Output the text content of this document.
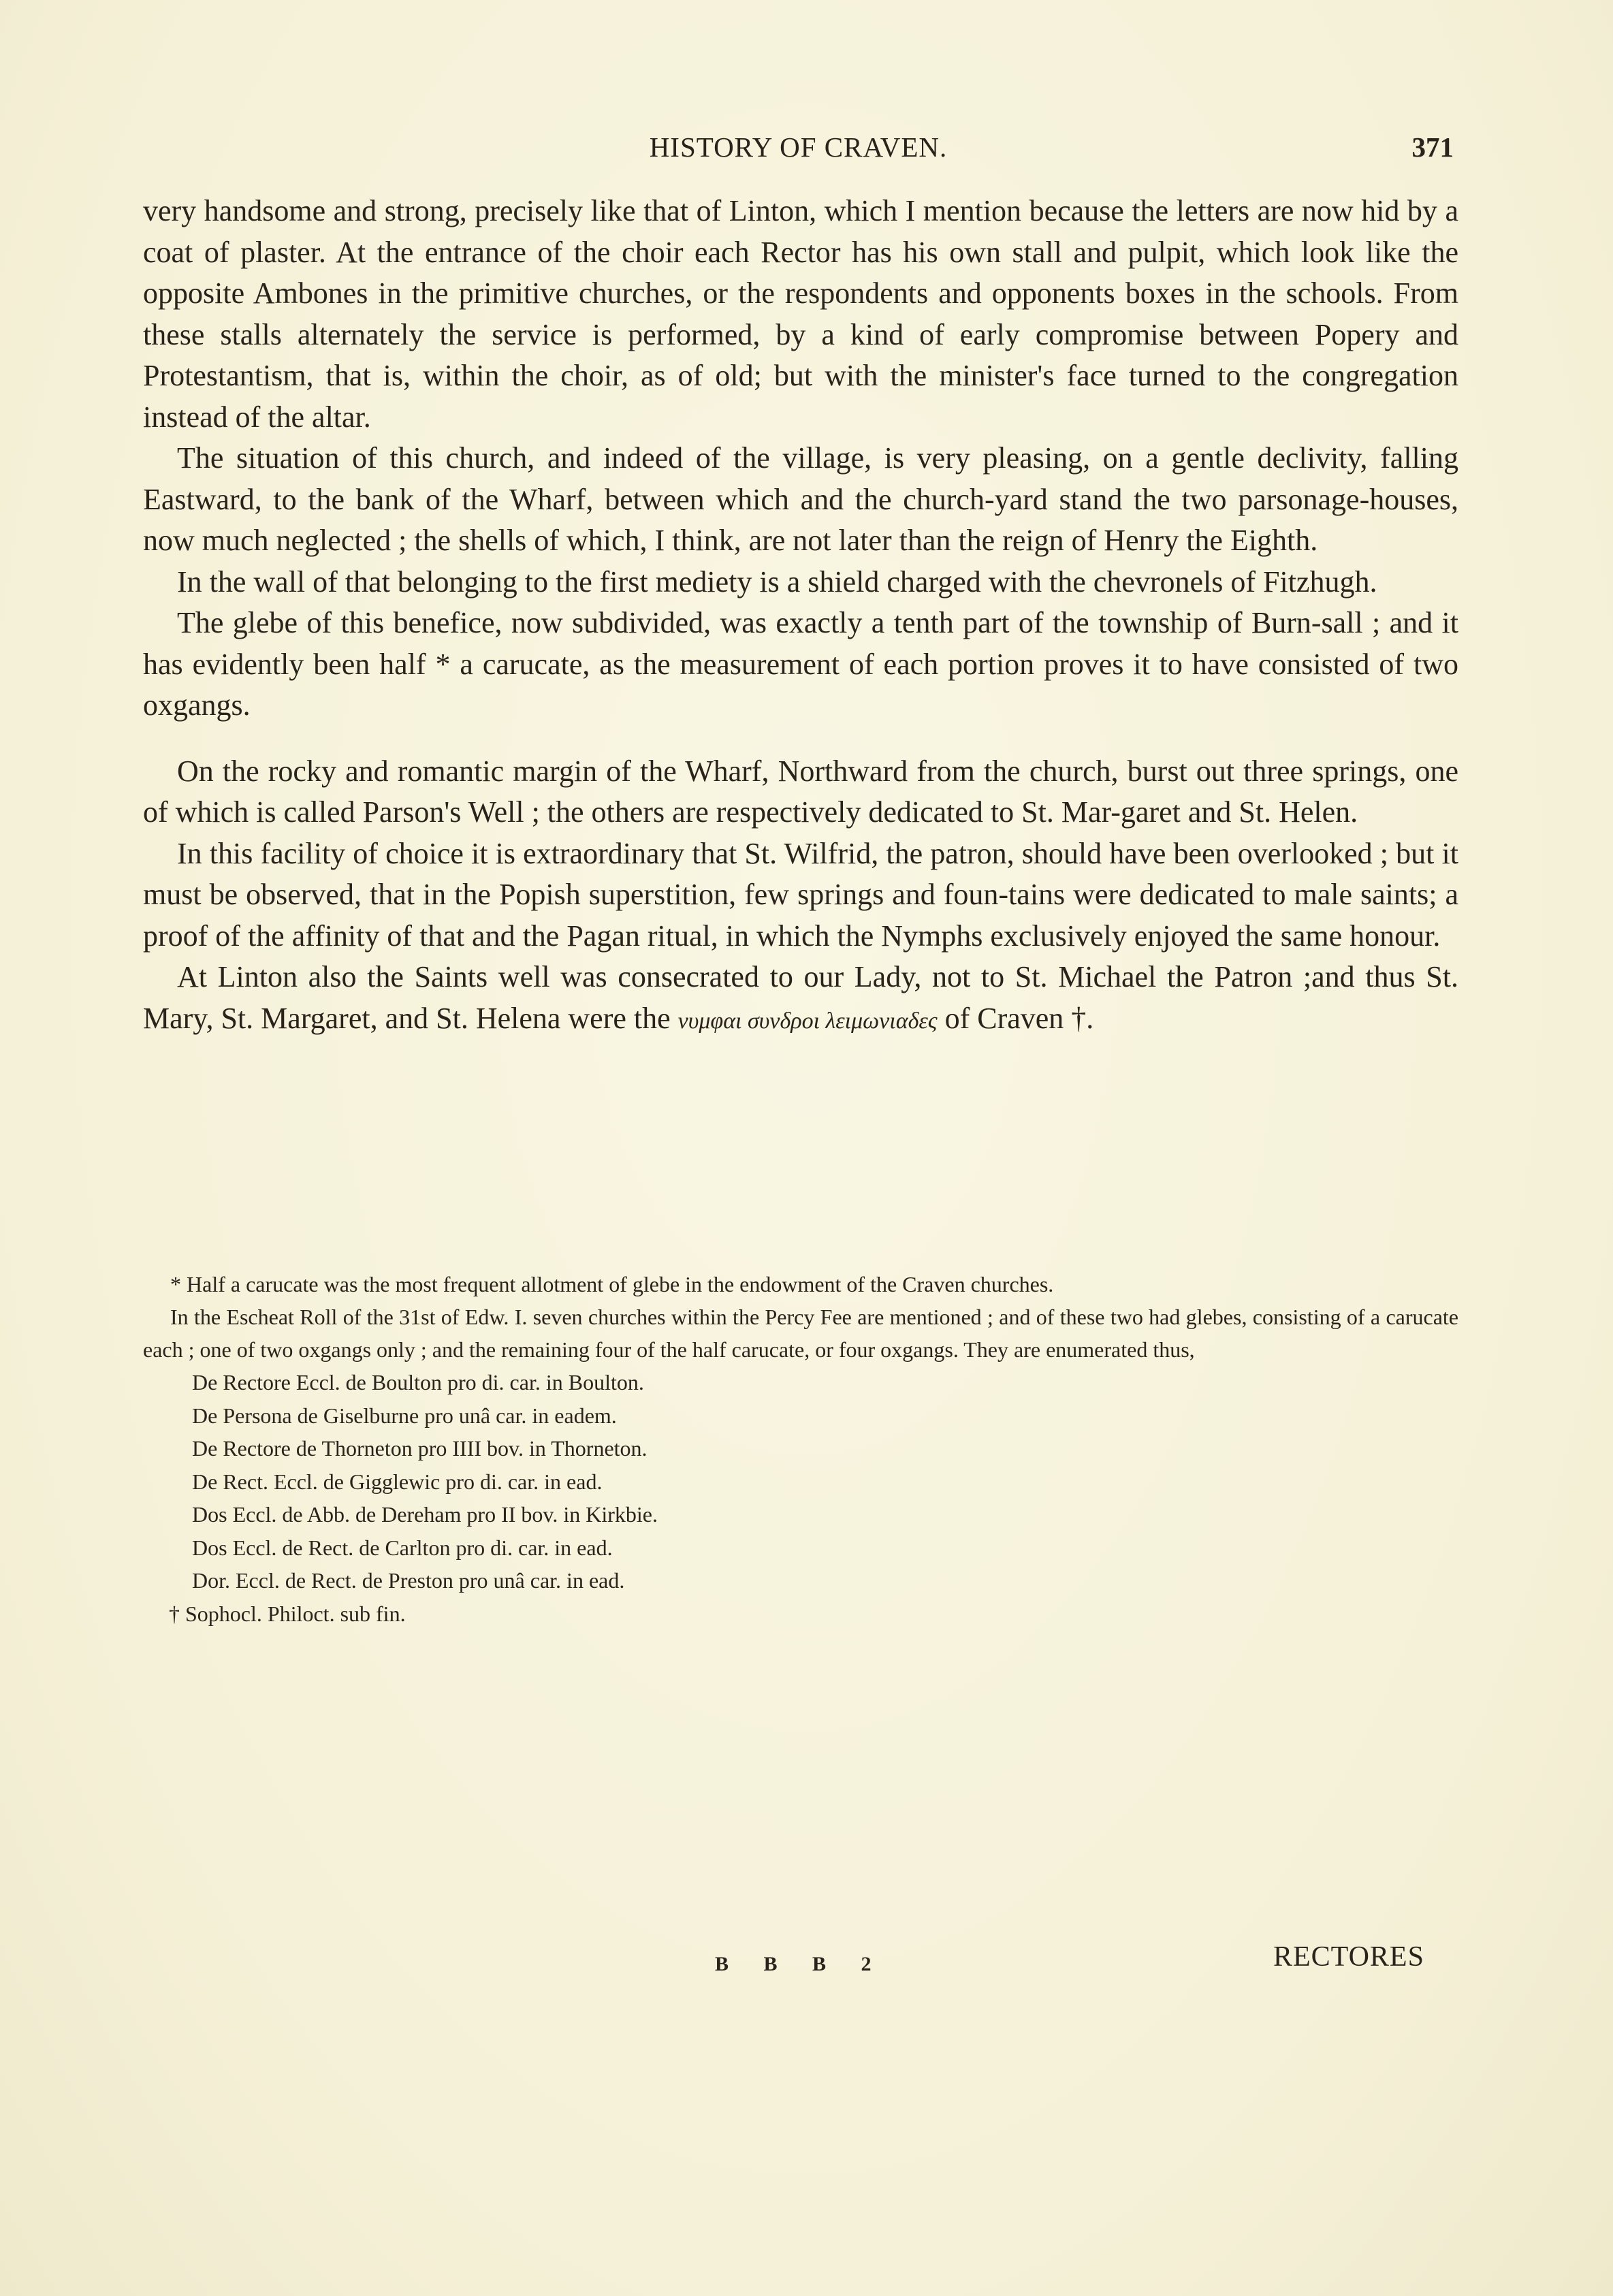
HISTORY OF CRAVEN.	371

very handsome and strong, precisely like that of Linton, which I mention because the letters are now hid by a coat of plaster. At the entrance of the choir each Rector has his own stall and pulpit, which look like the opposite Ambones in the primitive churches, or the respondents and opponents boxes in the schools. From these stalls alternately the service is performed, by a kind of early compromise between Popery and Protestantism, that is, within the choir, as of old; but with the minister's face turned to the congregation instead of the altar.

The situation of this church, and indeed of the village, is very pleasing, on a gentle declivity, falling Eastward, to the bank of the Wharf, between which and the church-yard stand the two parsonage-houses, now much neglected ; the shells of which, I think, are not later than the reign of Henry the Eighth.

In the wall of that belonging to the first mediety is a shield charged with the chevronels of Fitzhugh.

The glebe of this benefice, now subdivided, was exactly a tenth part of the township of Burn-sall ; and it has evidently been half * a carucate, as the measurement of each portion proves it to have consisted of two oxgangs.

On the rocky and romantic margin of the Wharf, Northward from the church, burst out three springs, one of which is called Parson's Well ; the others are respectively dedicated to St. Mar-garet and St. Helen.

In this facility of choice it is extraordinary that St. Wilfrid, the patron, should have been overlooked ; but it must be observed, that in the Popish superstition, few springs and foun-tains were dedicated to male saints; a proof of the affinity of that and the Pagan ritual, in which the Nymphs exclusively enjoyed the same honour.

At Linton also the Saints well was consecrated to our Lady, not to St. Michael the Patron ;and thus St. Mary, St. Margaret, and St. Helena were the νυμφαι συνδροι λειμωνιαδες of Craven †.

* Half a carucate was the most frequent allotment of glebe in the endowment of the Craven churches.

In the Escheat Roll of the 31st of Edw. I. seven churches within the Percy Fee are mentioned ; and of these two had glebes, consisting of a carucate each ; one of two oxgangs only ; and the remaining four of the half carucate, or four oxgangs. They are enumerated thus,

De Rectore Eccl. de Boulton pro di. car. in Boulton.
De Persona de Giselburne pro unâ car. in eadem.
De Rectore de Thorneton pro IIII bov. in Thorneton.
De Rect. Eccl. de Gigglewic pro di. car. in ead.
Dos Eccl. de Abb. de Dereham pro II bov. in Kirkbie.
Dos Eccl. de Rect. de Carlton pro di. car. in ead.
Dor. Eccl. de Rect. de Preston pro unâ car. in ead.

† Sophocl. Philoct. sub fin.

B B B 2	RECTORES
